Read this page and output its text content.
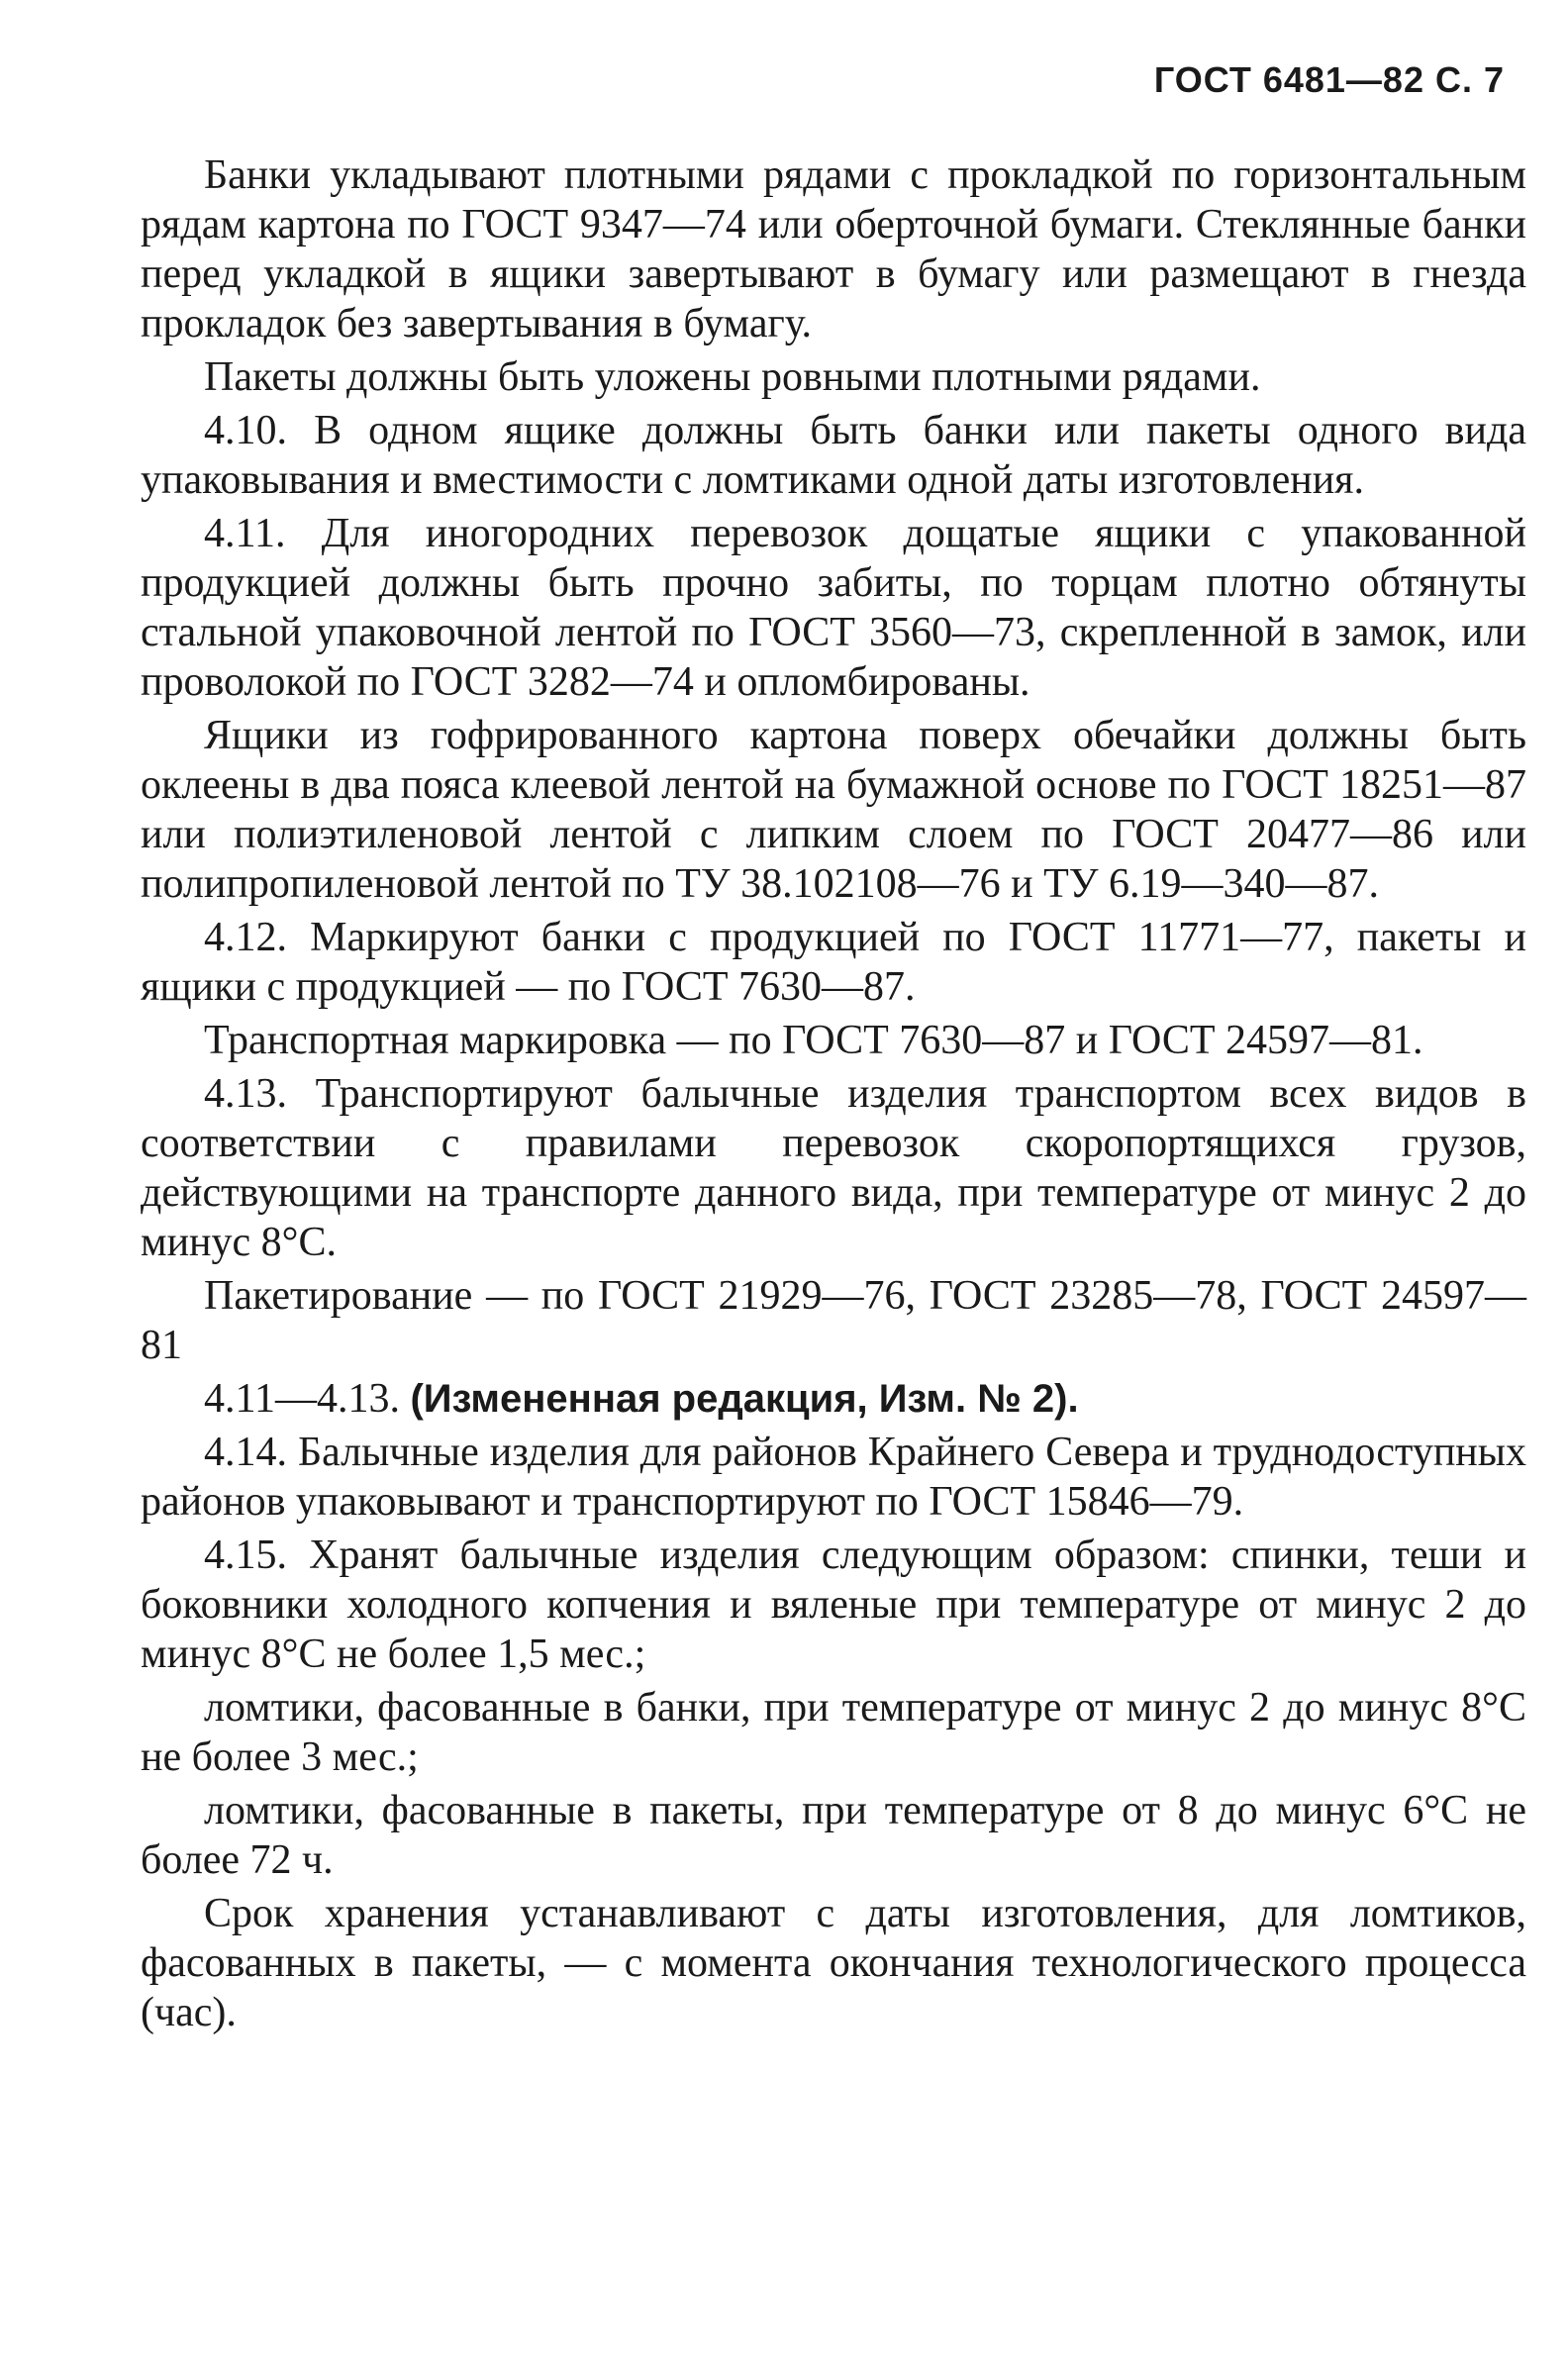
ГОСТ 6481—82 С. 7

Банки укладывают плотными рядами с прокладкой по горизонтальным рядам картона по ГОСТ 9347—74 или оберточной бумаги. Стеклянные банки перед укладкой в ящики завертывают в бумагу или размещают в гнезда прокладок без завертывания в бумагу.

Пакеты должны быть уложены ровными плотными рядами.

4.10. В одном ящике должны быть банки или пакеты одного вида упаковывания и вместимости с ломтиками одной даты изготовления.

4.11. Для иногородних перевозок дощатые ящики с упакованной продукцией должны быть прочно забиты, по торцам плотно обтянуты стальной упаковочной лентой по ГОСТ 3560—73, скрепленной в замок, или проволокой по ГОСТ 3282—74 и опломбированы.

Ящики из гофрированного картона поверх обечайки должны быть оклеены в два пояса клеевой лентой на бумажной основе по ГОСТ 18251—87 или полиэтиленовой лентой с липким слоем по ГОСТ 20477—86 или полипропиленовой лентой по ТУ 38.102108—76 и ТУ 6.19—340—87.

4.12. Маркируют банки с продукцией по ГОСТ 11771—77, пакеты и ящики с продукцией — по ГОСТ 7630—87.

Транспортная маркировка — по ГОСТ 7630—87 и ГОСТ 24597—81.

4.13. Транспортируют балычные изделия транспортом всех видов в соответствии с правилами перевозок скоропортящихся грузов, действующими на транспорте данного вида, при температуре от минус 2 до минус 8°С.

Пакетирование — по ГОСТ 21929—76, ГОСТ 23285—78, ГОСТ 24597—81

4.11—4.13. (Измененная редакция, Изм. № 2).

4.14. Балычные изделия для районов Крайнего Севера и труднодоступных районов упаковывают и транспортируют по ГОСТ 15846—79.

4.15. Хранят балычные изделия следующим образом: спинки, теши и боковники холодного копчения и вяленые при температуре от минус 2 до минус 8°С не более 1,5 мес.;

ломтики, фасованные в банки, при температуре от минус 2 до минус 8°С не более 3 мес.;

ломтики, фасованные в пакеты, при температуре от 8 до минус 6°С не более 72 ч.

Срок хранения устанавливают с даты изготовления, для ломтиков, фасованных в пакеты, — с момента окончания технологического процесса (час).
